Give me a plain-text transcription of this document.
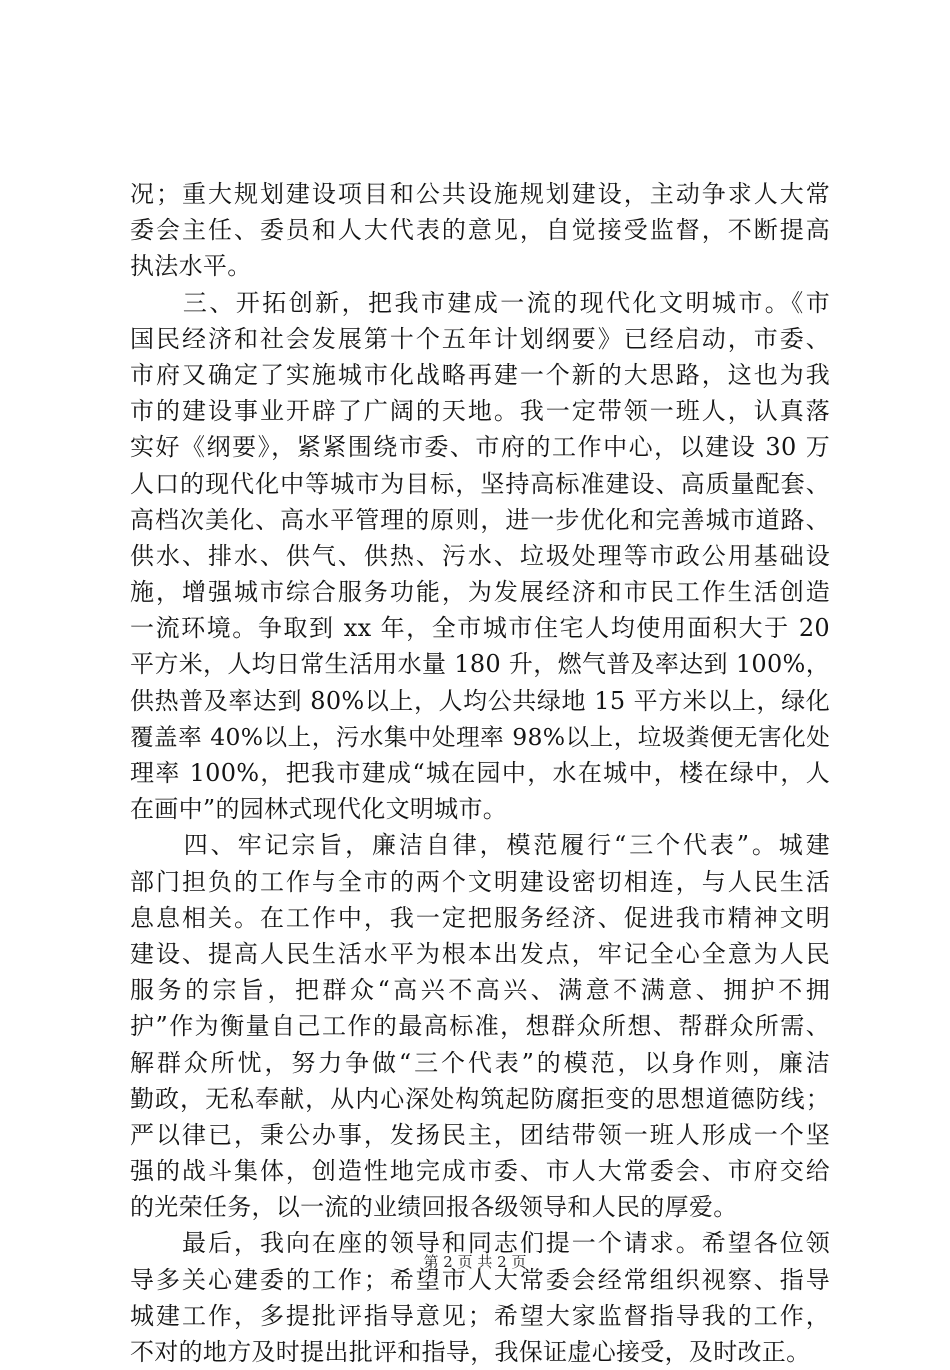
况；重大规划建设项目和公共设施规划建设，主动争求人大常
委会主任、委员和人大代表的意见，自觉接受监督，不断提高
执法水平。
　　三、开拓创新，把我市建成一流的现代化文明城市。《市
国民经济和社会发展第十个五年计划纲要》已经启动，市委、
市府又确定了实施城市化战略再建一个新的大思路，这也为我
市的建设事业开辟了广阔的天地。我一定带领一班人，认真落
实好《纲要》，紧紧围绕市委、市府的工作中心，以建设 30 万
人口的现代化中等城市为目标，坚持高标准建设、高质量配套、
高档次美化、高水平管理的原则，进一步优化和完善城市道路、
供水、排水、供气、供热、污水、垃圾处理等市政公用基础设
施，增强城市综合服务功能，为发展经济和市民工作生活创造
一流环境。争取到 xx 年，全市城市住宅人均使用面积大于 20
平方米，人均日常生活用水量 180 升，燃气普及率达到 100%，
供热普及率达到 80%以上，人均公共绿地 15 平方米以上，绿化
覆盖率 40%以上，污水集中处理率 98%以上，垃圾粪便无害化处
理率 100%，把我市建成“城在园中，水在城中，楼在绿中，人
在画中”的园林式现代化文明城市。
　　四、牢记宗旨，廉洁自律，模范履行“三个代表”。城建
部门担负的工作与全市的两个文明建设密切相连，与人民生活
息息相关。在工作中，我一定把服务经济、促进我市精神文明
建设、提高人民生活水平为根本出发点，牢记全心全意为人民
服务的宗旨，把群众“高兴不高兴、满意不满意、拥护不拥
护”作为衡量自己工作的最高标准，想群众所想、帮群众所需、
解群众所忧，努力争做“三个代表”的模范，以身作则，廉洁
勤政，无私奉献，从内心深处构筑起防腐拒变的思想道德防线；
严以律已，秉公办事，发扬民主，团结带领一班人形成一个坚
强的战斗集体，创造性地完成市委、市人大常委会、市府交给
的光荣任务，以一流的业绩回报各级领导和人民的厚爱。
　　最后，我向在座的领导和同志们提一个请求。希望各位领
导多关心建委的工作；希望市人大常委会经常组织视察、指导
城建工作，多提批评指导意见；希望大家监督指导我的工作，
不对的地方及时提出批评和指导，我保证虚心接受，及时改正。
第 2 页 共 2 页
